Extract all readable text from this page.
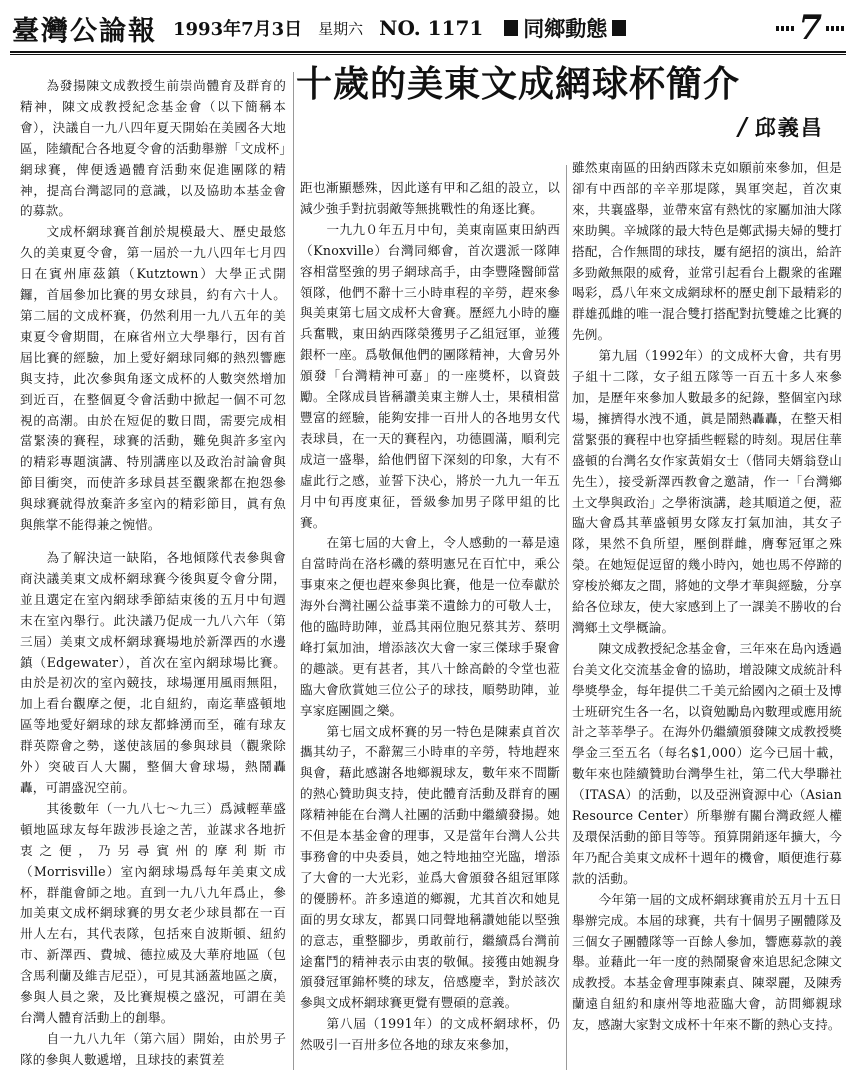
臺灣公論報 1993年7月3日 星期六 NO. 1171 同鄉動態	7
十歲的美東文成網球杯簡介
/ 邱義昌

為發揚陳文成教授生前崇尚體育及群育的精神，陳文成教授紀念基金會（以下簡稱本會），決議自一九八四年夏天開始在美國各大地區，陸續配合各地夏令會的活動舉辦「文成杯」網球賽，俾便透過體育活動來促進團隊的精神，提高台灣認同的意識，以及協助本基金會的募款。

文成杯網球賽首創於規模最大、歷史最悠久的美東夏令會，第一屆於一九八四年七月四日在賓州庫茲鎮（Kutztown）大學正式開鑼，首屆參加比賽的男女球員，約有六十人。第二屆的文成杯賽，仍然利用一九八五年的美東夏令會期間，在麻省州立大學舉行，因有首屆比賽的經驗，加上愛好網球同鄉的熱烈響應與支持，此次參與角逐文成杯的人數突然增加到近百，在整個夏令會活動中掀起一個不可忽視的高潮。由於在短促的數日間，需要完成相當緊湊的賽程，球賽的活動，難免與許多室內的精彩專題演講、特別講座以及政治討論會與節目衝突，而使許多球員甚至觀衆都在抱怨參與球賽就得放棄許多室內的精彩節目，眞有魚與熊掌不能得兼之惋惜。

為了解決這一缺陷，各地傾隊代表參與會商決議美東文成杯網球賽今後與夏令會分開，並且選定在室內網球季節結束後的五月中旬週末在室內舉行。此決議乃促成一九八六年（第三屆）美東文成杯網球賽場地於新澤西的水邊鎮（Edgewater），首次在室內網球場比賽。由於是初次的室內競技，球場運用風雨無阻，加上看台觀摩之便，北自紐約，南迄華盛頓地區等地愛好網球的球友都蜂湧而至，確有球友群英際會之勢，遂使該屆的參與球員（觀衆除外）突破百人大關，整個大會球場，熱鬧轟轟，可謂盛況空前。

其後數年（一九八七～九三）爲減輕華盛頓地區球友每年跋涉長途之苦，並謀求各地折衷之便，乃另尋賓州的摩利斯市（Morrisville）室內網球場爲每年美東文成杯，群龍會師之地。直到一九八九年爲止，參加美東文成杯網球賽的男女老少球員都在一百卅人左右，其代表隊，包括來自波斯頓、紐約市、新澤西、費城、德拉威及大華府地區（包含馬利蘭及維吉尼亞），可見其涵蓋地區之廣，參與人員之衆，及比賽規模之盛況，可謂在美台灣人體育活動上的創舉。

自一九八九年（第六屆）開始，由於男子隊的參與人數遞增，且球技的素質差

距也漸顯懸殊，因此遂有甲和乙組的設立，以減少強手對抗弱敵等無挑戰性的角逐比賽。

一九九０年五月中旬，美東南區東田納西（Knoxville）台灣同鄉會，首次選派一隊陣容相當堅強的男子網球高手，由李豐隆醫師當領隊，他們不辭十三小時車程的辛勞，趕來參與美東第七屆文成杯大會賽。歷經九小時的鏖兵奮戰，東田納西隊榮獲男子乙組冠軍，並獲銀杯一座。爲敬佩他們的團隊精神，大會另外頒發「台灣精神可嘉」的一座獎杯，以資鼓勵。全隊成員皆稱讚美東主辦人士，果積相當豐富的經驗，能夠安排一百卅人的各地男女代表球員，在一天的賽程內，功德圓滿，順利完成這一盛舉，給他們留下深刻的印象，大有不虛此行之感，並誓下決心，將於一九九一年五月中旬再度東征，晉級參加男子隊甲組的比賽。

在第七屆的大會上，令人感動的一幕是遠自當時尚在洛杉磯的蔡明憲兄在百忙中，乘公事東來之便也趕來參與比賽，他是一位奉獻於海外台灣社團公益事業不遺餘力的可敬人士，他的臨時助陣，並爲其兩位胞兄蔡其芳、蔡明峰打氣加油，增添該次大會一家三傑球手聚會的趣談。更有甚者，其八十餘高齡的令堂也蒞臨大會欣賞她三位公子的球技，順勢助陣，並享家庭團圓之樂。

第七屆文成杯賽的另一特色是陳素貞首次攜其幼子，不辭駕三小時車的辛勞，特地趕來與會，藉此感謝各地鄉親球友，數年來不間斷的熱心贊助與支持，使此體育活動及群育的團隊精神能在台灣人社團的活動中繼續發揚。她不但是本基金會的理事，又是當年台灣人公共事務會的中央委員，她之特地抽空光臨，增添了大會的一大光彩，並爲大會頒發各組冠軍隊的優勝杯。許多遠道的鄉親，尤其首次和她見面的男女球友，都異口同聲地稱讚她能以堅強的意志，重整腳步，勇敢前行，繼續爲台灣前途奮鬥的精神表示由衷的敬佩。接獲由她親身頒發冠軍錦杯獎的球友，倍感慶幸，對於該次參與文成杯網球賽更覺有豐碩的意義。

第八屆（1991年）的文成杯網球杯，仍然吸引一百卅多位各地的球友來參加，

雖然東南區的田納西隊未克如願前來參加，但是卻有中西部的辛辛那堤隊，異軍突起，首次東來，共襄盛舉，並帶來富有熱忱的家屬加油大隊來助興。辛城隊的最大特色是鄭武揚夫婦的雙打搭配，合作無間的球技，屢有絕招的演出，給許多勁敵無限的威脅，並常引起看台上觀衆的雀躍喝彩，爲八年來文成網球杯的歷史創下最精彩的群雄孤雌的唯一混合雙打搭配對抗雙雄之比賽的先例。

第九屆（1992年）的文成杯大會，共有男子組十二隊，女子組五隊等一百五十多人來參加，是歷年來參加人數最多的紀錄，整個室內球場，擁擠得水洩不通，眞是鬧熱轟轟，在整天相當緊張的賽程中也穿插些輕鬆的時刻。現居住華盛頓的台灣名女作家黃娟女士（偕同夫婿翁登山先生），接受新澤西教會之邀請，作一「台灣鄉土文學與政治」之學術演講，趁其順道之便，蒞臨大會爲其華盛頓男女隊友打氣加油，其女子隊，果然不負所望，壓倒群雌，膺奪冠軍之殊榮。在她短促逗留的幾小時內，她也馬不停蹄的穿梭於鄉友之間，將她的文學才華與經驗，分享給各位球友，使大家感到上了一課美不勝收的台灣鄉土文學概論。

陳文成教授紀念基金會，三年來在島內透過台美文化交流基金會的協助，增設陳文成統計科學獎學金，每年提供二千美元給國內之碩士及博士班研究生各一名，以資勉勵島內數理或應用統計之莘莘學子。在海外仍繼續頒發陳文成教授獎學金三至五名（每名$1,000）迄今已屆十載，數年來也陸續贊助台灣學生社，第二代大學聯社（ITASA）的活動，以及亞洲資源中心（Asian Resource Center）所舉辦有關台灣政經人權及環保活動的節目等等。預算開銷逐年擴大，今年乃配合美東文成杯十週年的機會，順便進行募款的活動。

今年第一屆的文成杯網球賽甫於五月十五日舉辦完成。本屆的球賽，共有十個男子團體隊及三個女子團體隊等一百餘人參加，響應募款的義舉。並藉此一年一度的熱鬧聚會來追思紀念陳文成教授。本基金會理事陳素貞、陳翠麗，及陳秀蘭遠自紐約和康州等地蒞臨大會，訪問鄉親球友，感謝大家對文成杯十年來不斷的熱心支持。
